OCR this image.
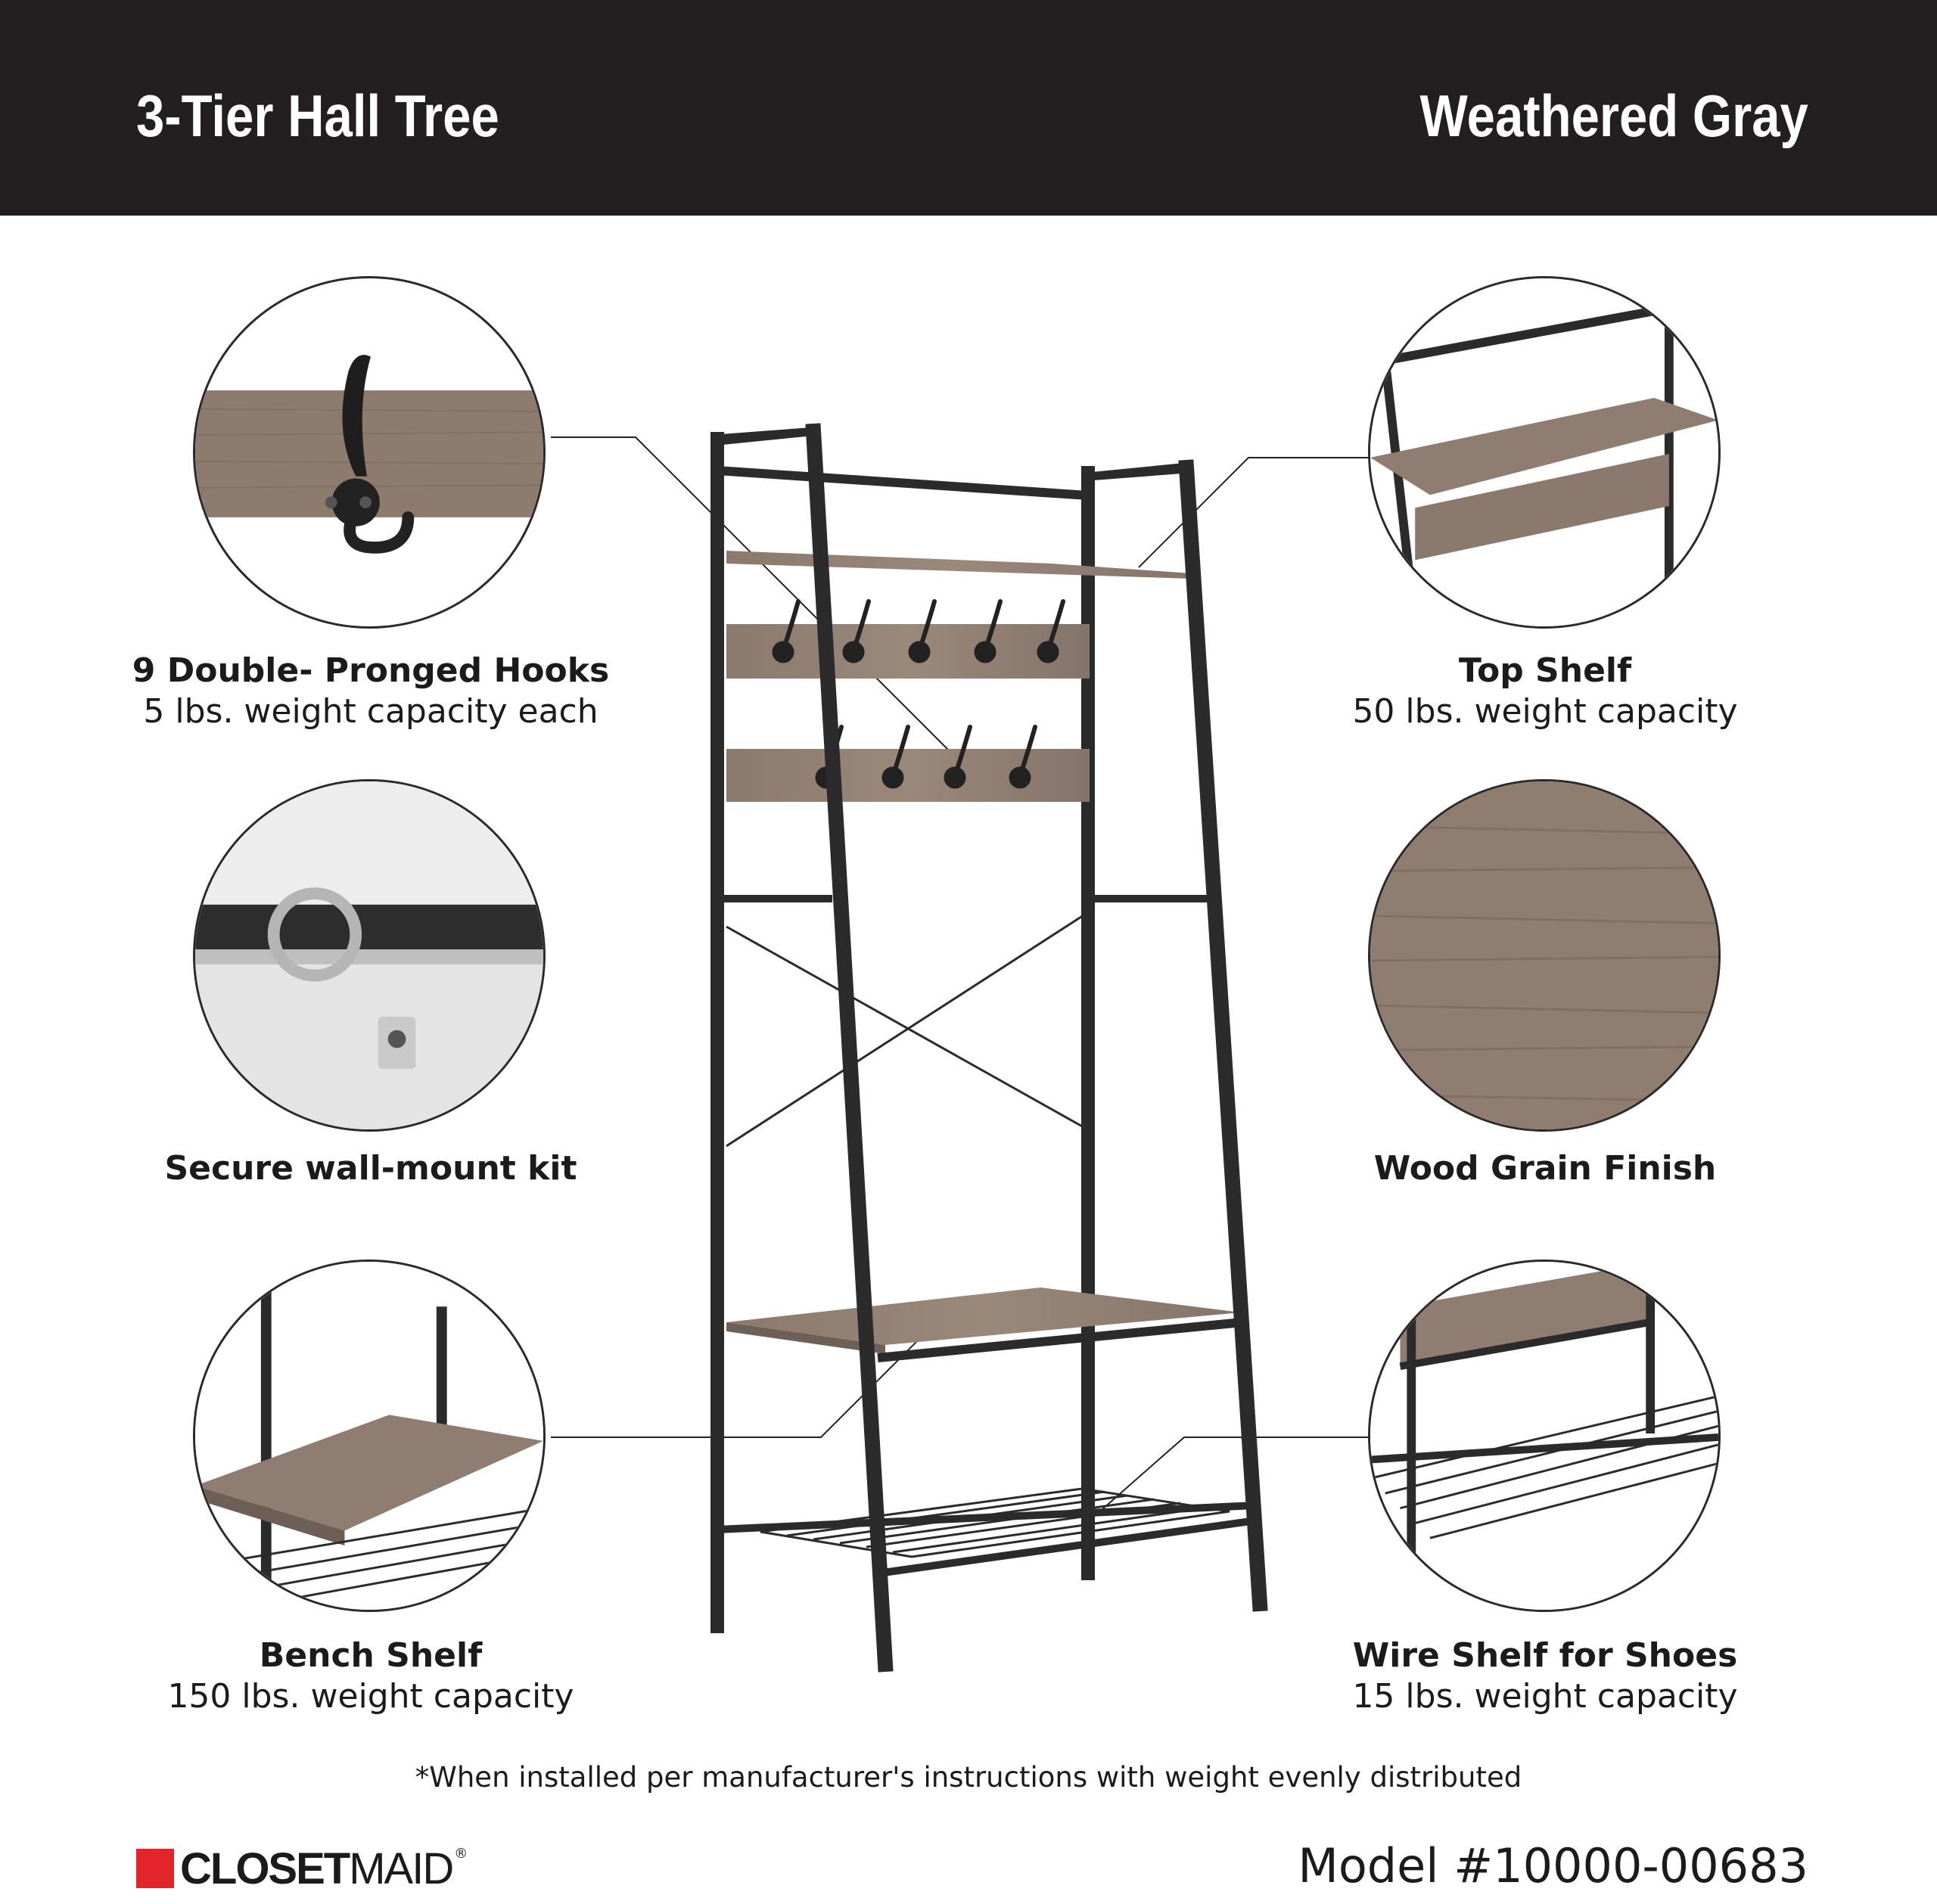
3-Tier Hall Tree	Weathered Gray
9 Double- Pronged Hooks
5 lbs. weight capacity each
Secure wall-mount kit
Bench Shelf
150 lbs. weight capacity
Top Shelf
50 lbs. weight capacity
Wood Grain Finish
Wire Shelf for Shoes
15 lbs. weight capacity
*When installed per manufacturer's instructions with weight evenly distributed
CLOSETMAID ®	Model #10000-00683
